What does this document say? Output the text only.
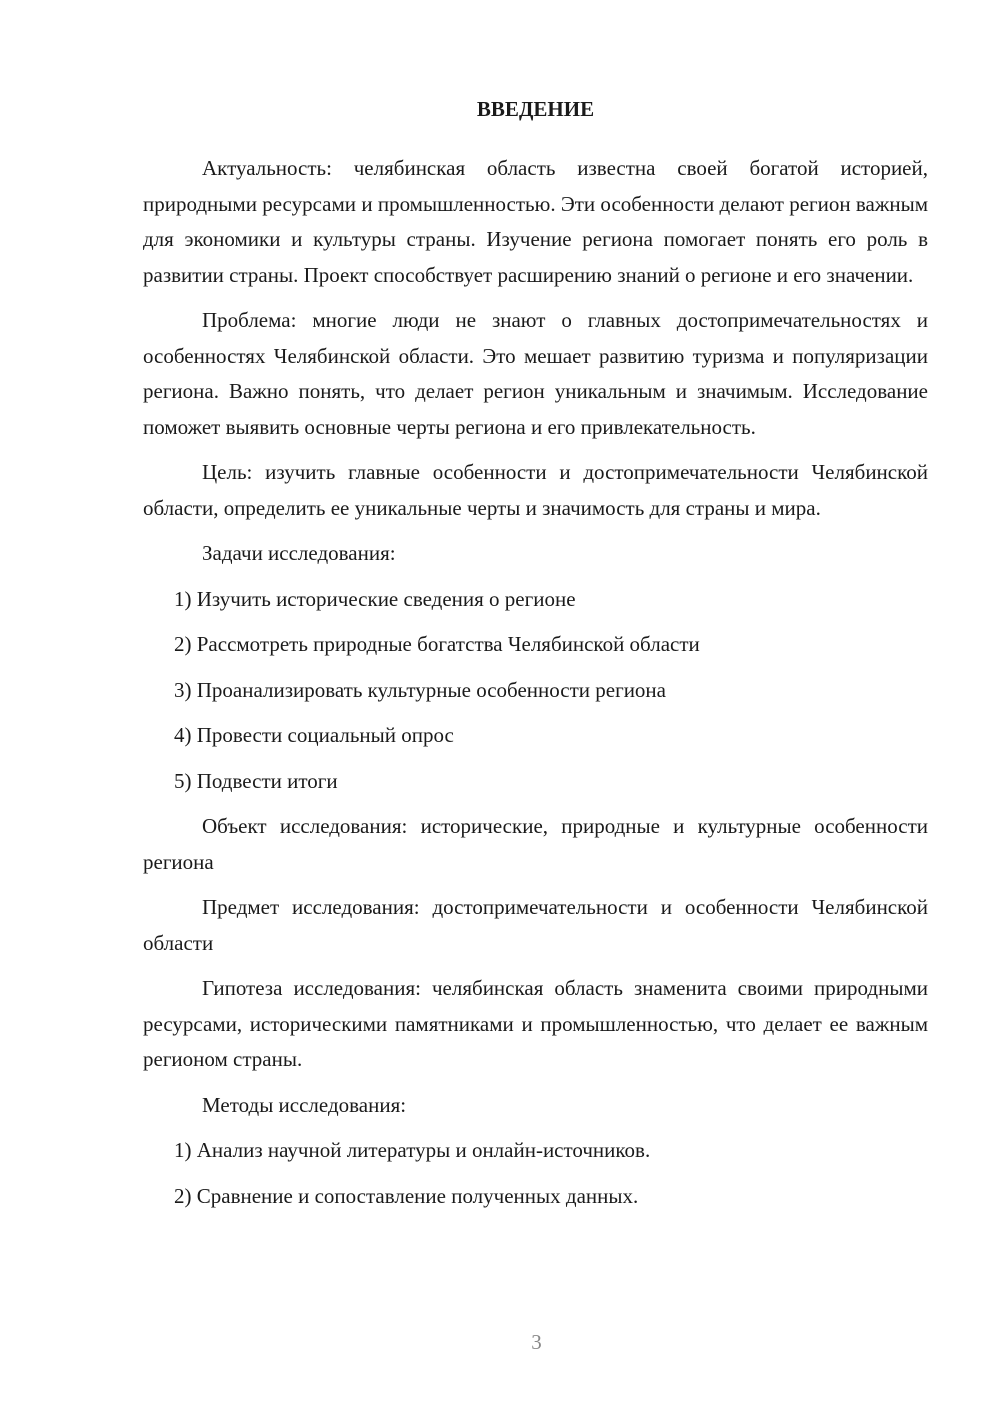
ВВЕДЕНИЕ

Актуальность: челябинская область известна своей богатой историей, природными ресурсами и промышленностью. Эти особенности делают регион важным для экономики и культуры страны. Изучение региона помогает понять его роль в развитии страны. Проект способствует расширению знаний о регионе и его значении.

Проблема: многие люди не знают о главных достопримечательностях и особенностях Челябинской области. Это мешает развитию туризма и популяризации региона. Важно понять, что делает регион уникальным и значимым. Исследование поможет выявить основные черты региона и его привлекательность.

Цель: изучить главные особенности и достопримечательности Челябинской области, определить ее уникальные черты и значимость для страны и мира.

Задачи исследования:
1) Изучить исторические сведения о регионе
2) Рассмотреть природные богатства Челябинской области
3) Проанализировать культурные особенности региона
4) Провести социальный опрос
5) Подвести итоги

Объект исследования: исторические, природные и культурные особенности региона

Предмет исследования: достопримечательности и особенности Челябинской области

Гипотеза исследования: челябинская область знаменита своими природными ресурсами, историческими памятниками и промышленностью, что делает ее важным регионом страны.

Методы исследования:
1) Анализ научной литературы и онлайн-источников.
2) Сравнение и сопоставление полученных данных.
3
